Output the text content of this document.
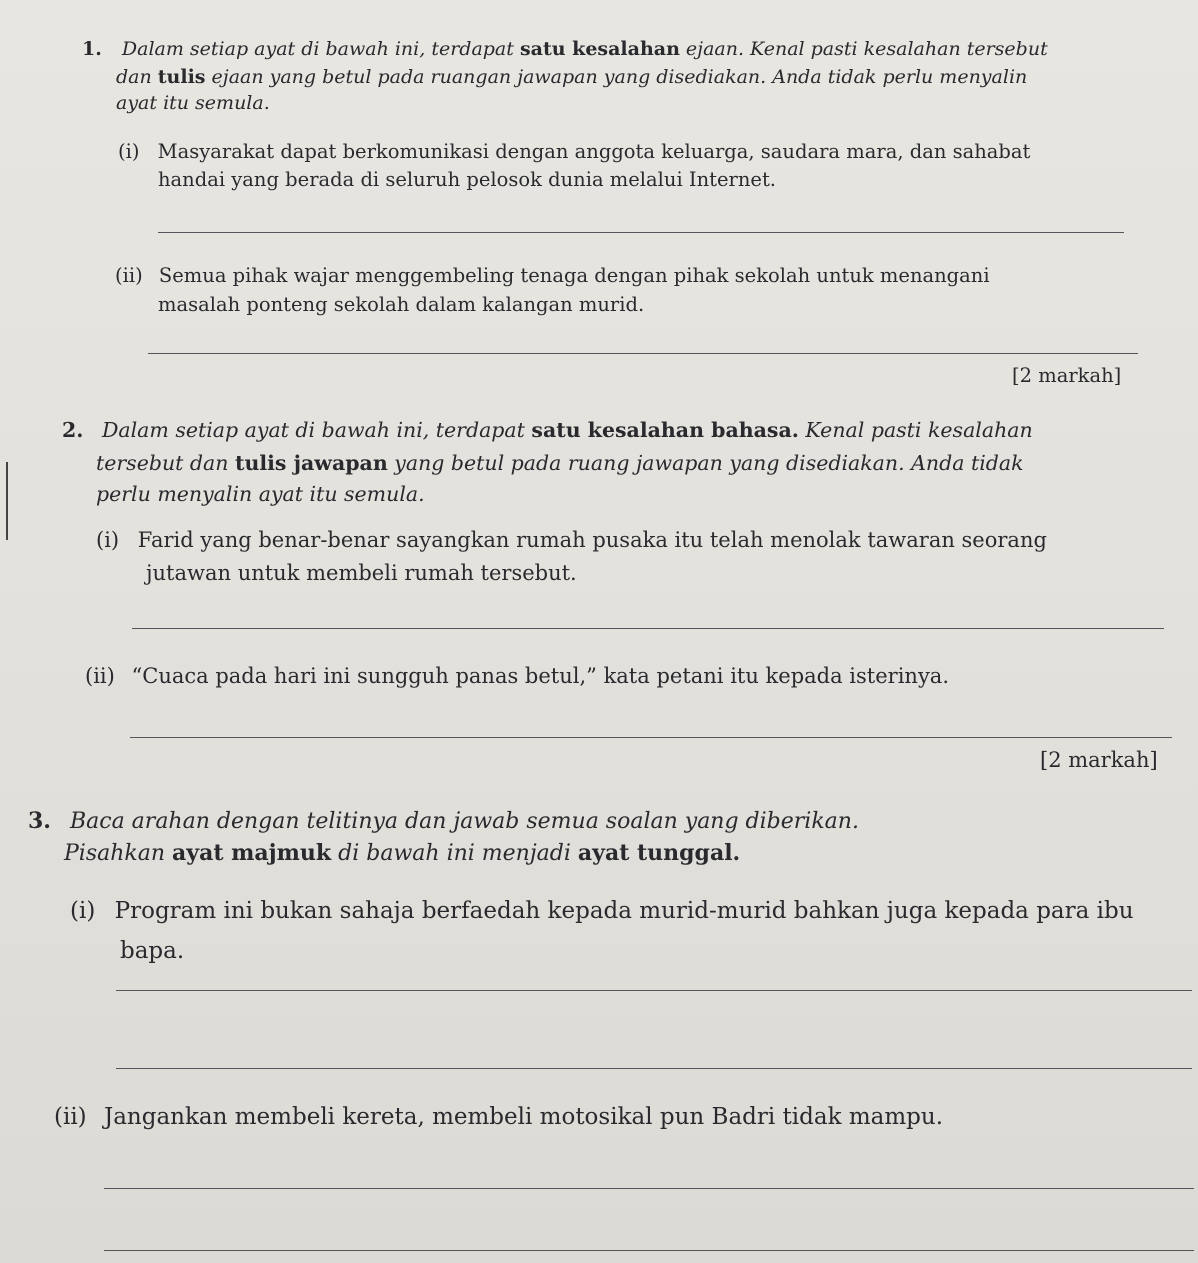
1. Dalam setiap ayat di bawah ini, terdapat satu kesalahan ejaan. Kenal pasti kesalahan tersebut
dan tulis ejaan yang betul pada ruangan jawapan yang disediakan. Anda tidak perlu menyalin
ayat itu semula.
(i) Masyarakat dapat berkomunikasi dengan anggota keluarga, saudara mara, dan sahabat
handai yang berada di seluruh pelosok dunia melalui Internet.
(ii) Semua pihak wajar menggembeling tenaga dengan pihak sekolah untuk menangani
masalah ponteng sekolah dalam kalangan murid.
[2 markah]
2. Dalam setiap ayat di bawah ini, terdapat satu kesalahan bahasa. Kenal pasti kesalahan
tersebut dan tulis jawapan yang betul pada ruang jawapan yang disediakan. Anda tidak
perlu menyalin ayat itu semula.
(i) Farid yang benar-benar sayangkan rumah pusaka itu telah menolak tawaran seorang
jutawan untuk membeli rumah tersebut.
(ii) “Cuaca pada hari ini sungguh panas betul,” kata petani itu kepada isterinya.
[2 markah]
3. Baca arahan dengan telitinya dan jawab semua soalan yang diberikan.
Pisahkan ayat majmuk di bawah ini menjadi ayat tunggal.
(i) Program ini bukan sahaja berfaedah kepada murid-murid bahkan juga kepada para ibu
bapa.
(ii) Jangankan membeli kereta, membeli motosikal pun Badri tidak mampu.
